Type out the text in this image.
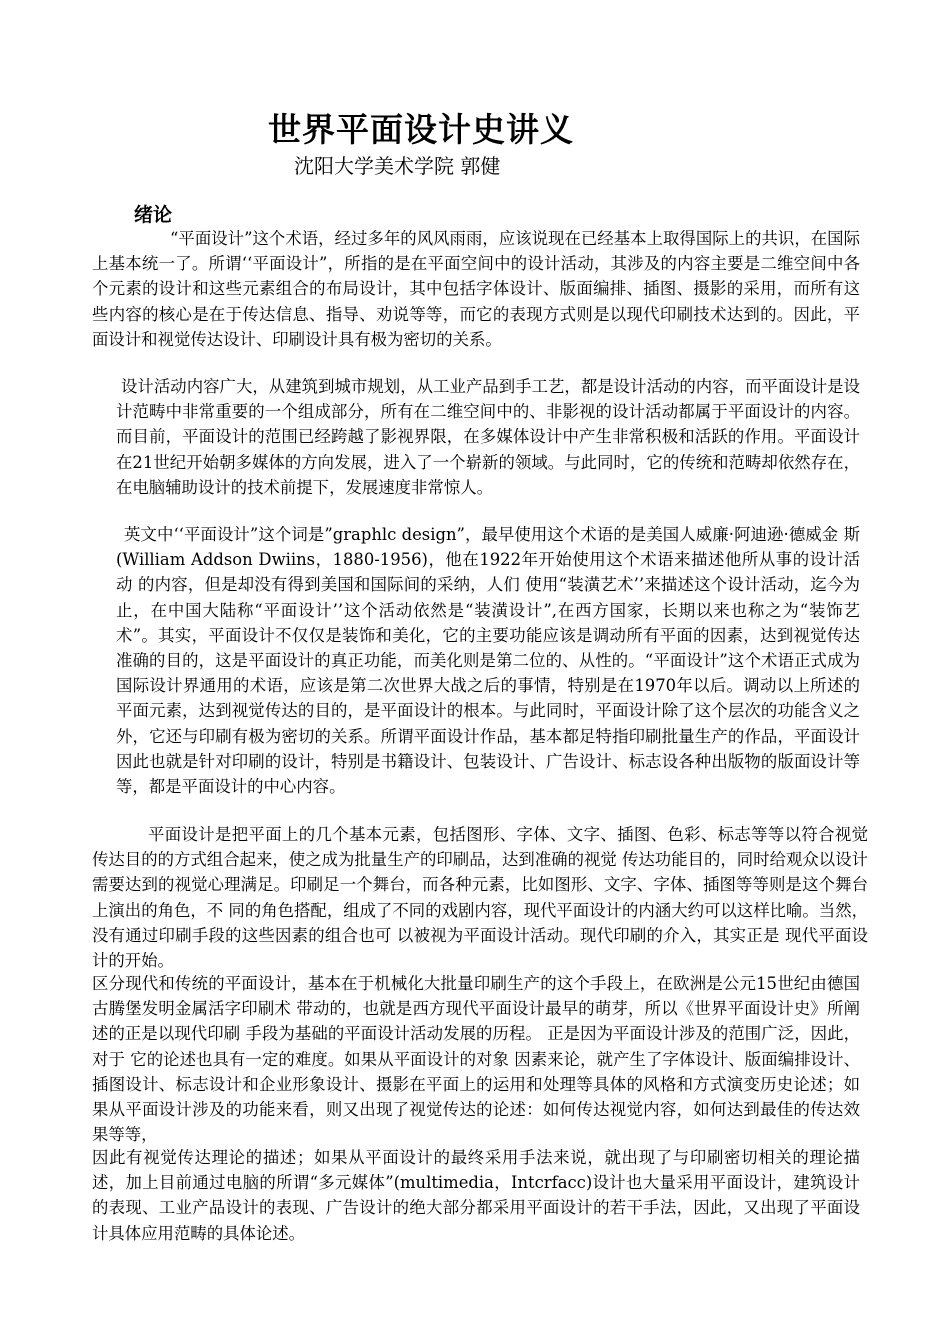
世界平面设计史讲义
沈阳大学美术学院 郭健
绪论

“平面设计”这个术语，经过多年的风风雨雨，应该说现在已经基本上取得国际上的共识，在国际上基本统一了。所谓‘‘平面设计”，所指的是在平面空间中的设计活动，其涉及的内容主要是二维空间中各个元素的设计和这些元素组合的布局设计，其中包括字体设计、版面编排、插图、摄影的采用，而所有这些内容的核心是在于传达信息、指导、劝说等等，而它的表现方式则是以现代印刷技术达到的。因此，平面设计和视觉传达设计、印刷设计具有极为密切的关系。

设计活动内容广大，从建筑到城市规划，从工业产品到手工艺，都是设计活动的内容，而平面设计是设计范畴中非常重要的一个组成部分，所有在二维空间中的、非影视的设计活动都属于平面设计的内容。而目前，平面设计的范围已经跨越了影视界限，在多媒体设计中产生非常积极和活跃的作用。平面设计在21世纪开始朝多媒体的方向发展，进入了一个崭新的领域。与此同时，它的传统和范畴却依然存在，在电脑辅助设计的技术前提下，发展速度非常惊人。

英文中‘‘平面设计”这个词是”graphlc design”，最早使用这个术语的是美国人威廉·阿迪逊·德威金 斯(William Addson Dwiins，1880-1956)，他在1922年开始使用这个术语来描述他所从事的设计活动 的内容，但是却没有得到美国和国际间的采纳，人们 使用“装潢艺术’’来描述这个设计活动，迄今为止，在中国大陆称“平面设计’’这个活动依然是“装潢设计”,在西方国家，长期以来也称之为“装饰艺术”。其实，平面设计不仅仅是装饰和美化，它的主要功能应该是调动所有平面的因素，达到视觉传达准确的目的，这是平面设计的真正功能，而美化则是第二位的、从性的。“平面设计”这个术语正式成为国际设计界通用的术语，应该是第二次世界大战之后的事情，特别是在1970年以后。调动以上所述的平面元素，达到视觉传达的目的，是平面设计的根本。与此同时，平面设计除了这个层次的功能含义之外，它还与印刷有极为密切的关系。所谓平面设计作品，基本都足特指印刷批量生产的作品，平面设计因此也就是针对印刷的设计，特别是书籍设计、包装设计、广告设计、标志设各种出版物的版面设计等等，都是平面设计的中心内容。

平面设计是把平面上的几个基本元素，包括图形、字体、文字、插图、色彩、标志等等以符合视觉传达目的的方式组合起来，使之成为批量生产的印刷品，达到准确的视觉 传达功能目的，同时给观众以设计需要达到的视觉心理满足。印刷足一个舞台，而各种元素，比如图形、文字、字体、插图等等则是这个舞台上演出的角色，不 同的角色搭配，组成了不同的戏剧内容，现代平面设计的内涵大约可以这样比喻。当然，没有通过印刷手段的这些因素的组合也可 以被视为平面设计活动。现代印刷的介入，其实正是 现代平面设计的开始。

区分现代和传统的平面设计，基本在于机械化大批量印刷生产的这个手段上，在欧洲是公元15世纪由德国古腾堡发明金属活字印刷术 带动的，也就是西方现代平面设计最早的萌芽，所以《世界平面设计史》所阐述的正是以现代印刷 手段为基础的平面设计活动发展的历程。 正是因为平面设计涉及的范围广泛，因此，对于 它的论述也具有一定的难度。如果从平面设计的对象 因素来论，就产生了字体设计、版面编排设计、插图设计、标志设计和企业形象设计、摄影在平面上的运用和处理等具体的风格和方式演变历史论述；如果从平面设计涉及的功能来看，则又出现了视觉传达的论述：如何传达视觉内容，如何达到最佳的传达效果等等，

因此有视觉传达理论的描述；如果从平面设计的最终采用手法来说，就出现了与印刷密切相关的理论描述，加上目前通过电脑的所谓“多元媒体”(multimedia，Intcrfacc)设计也大量采用平面设计，建筑设计的表现、工业产品设计的表现、广告设计的绝大部分都采用平面设计的若干手法，因此，又出现了平面设计具体应用范畴的具体论述。
